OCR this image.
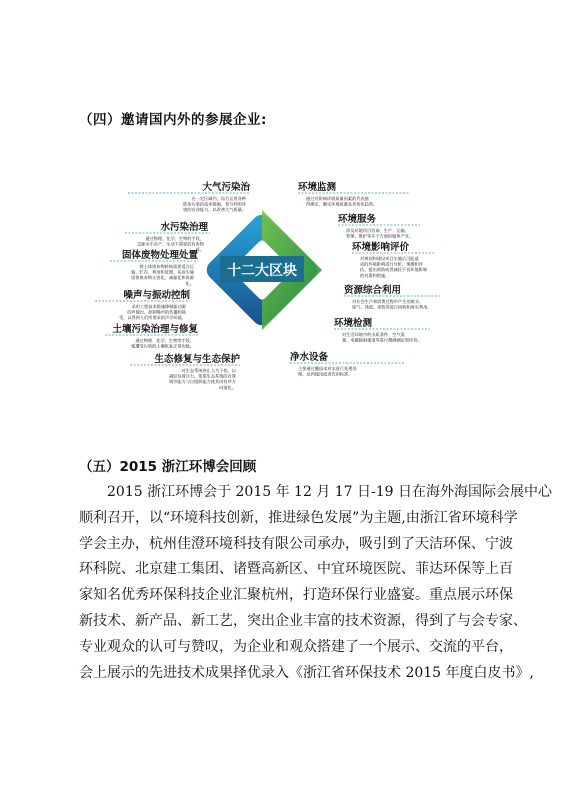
（四）邀请国内外的参展企业:
十二大区块
大气污染治
在一定区域内，综合运用各种
防治污染的技术措施，充分利用环
境的自净能力，以改善大气质量。
水污染治理
通过物理、化学、生物的手段，
去除水中杂产、生活不需要的有害物
质。
固体废物处理处置
将土体废弃物转换需要适合运
输、贮存、利用和处置，从而实施
固体废弃物无害化、减量化和资源
化。
噪声与振动控制
采用工程技术措施降制振动源
的声输出，控制噪声的传播和接
受，以得到人们所要求的声学环境。
土壤污染治理与修复
通过物理、化学、生物等手段，
使遭受污染的土壤恢复正常功能。
生态修复与生态保护
对生态系统停止人为干扰，以
减轻负荷压力，依靠生态系统的自我
调节能力与自组织能力使其向有序方
向演化。
环境监测
通过对影响环境质量因素的代表值
得测定，确定环境质量及其变化趋势。
环境服务
涉及环境项目咨询、生产、运输、
管理、维护等多个方面的服务产业。
环境影响评价
对规划和建设项目实施后可能造
成的环境影响进行分析、预测和评
估，提出预防或者减轻不良环境影响
的对策和措施。
资源综合利用
对社会生产和消费过程中产生的废水、
废气、残渣、余热等进行回收和再生利用。
环境检测
对生活环境中的水质条件、空气质
量、电磁辐射强度等进行精确测定和评价。
净水设备
主要通过膜技术对水进行处理处
理，达到使用或者饮用标准。
（五）2015 浙江环博会回顾
2015 浙江环博会于 2015 年 12 月 17 日-19 日在海外海国际会展中心
顺利召开，以“环境科技创新，推进绿色发展”为主题,由浙江省环境科学
学会主办，杭州佳澄环境科技有限公司承办，吸引到了天洁环保、宁波
环科院、北京建工集团、诸暨高新区、中宜环境医院、菲达环保等上百
家知名优秀环保科技企业汇聚杭州，打造环保行业盛宴。重点展示环保
新技术、新产品、新工艺，突出企业丰富的技术资源，得到了与会专家、
专业观众的认可与赞叹，为企业和观众搭建了一个展示、交流的平台，
会上展示的先进技术成果择优录入《浙江省环保技术 2015 年度白皮书》,
